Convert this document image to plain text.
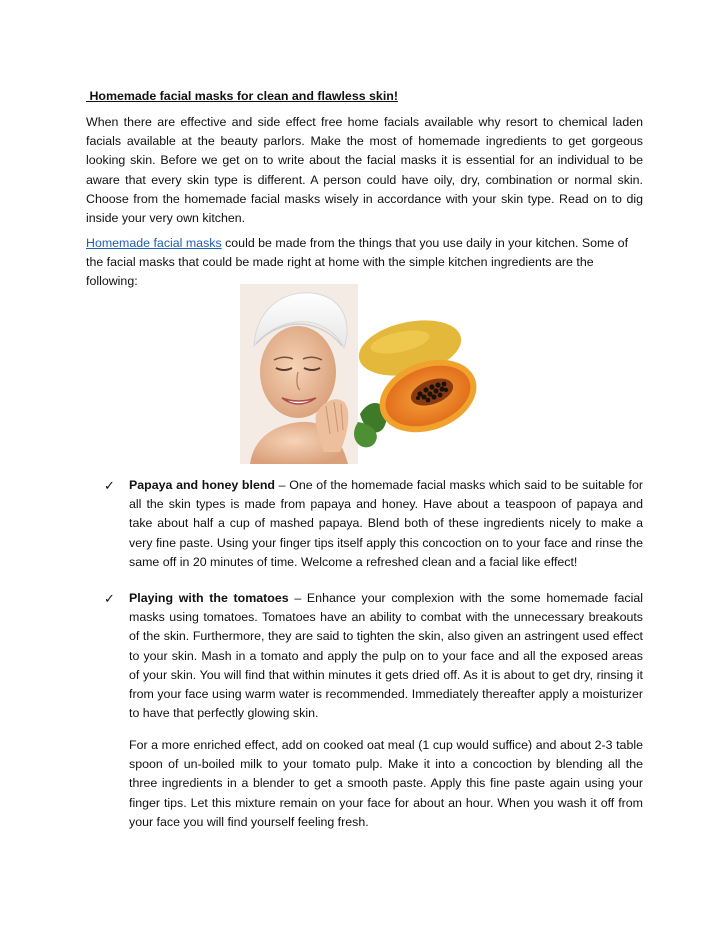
Homemade facial masks for clean and flawless skin!
When there are effective and side effect free home facials available why resort to chemical laden facials available at the beauty parlors. Make the most of homemade ingredients to get gorgeous looking skin. Before we get on to write about the facial masks it is essential for an individual to be aware that every skin type is different. A person could have oily, dry, combination or normal skin. Choose from the homemade facial masks wisely in accordance with your skin type. Read on to dig inside your very own kitchen.
Homemade facial masks could be made from the things that you use daily in your kitchen. Some of the facial masks that could be made right at home with the simple kitchen ingredients are the following:
✓ Papaya and honey blend – One of the homemade facial masks which said to be suitable for all the skin types is made from papaya and honey. Have about a teaspoon of papaya and take about half a cup of mashed papaya. Blend both of these ingredients nicely to make a very fine paste. Using your finger tips itself apply this concoction on to your face and rinse the same off in 20 minutes of time. Welcome a refreshed clean and a facial like effect!
✓ Playing with the tomatoes – Enhance your complexion with the some homemade facial masks using tomatoes. Tomatoes have an ability to combat with the unnecessary breakouts of the skin. Furthermore, they are said to tighten the skin, also given an astringent used effect to your skin. Mash in a tomato and apply the pulp on to your face and all the exposed areas of your skin. You will find that within minutes it gets dried off. As it is about to get dry, rinsing it from your face using warm water is recommended. Immediately thereafter apply a moisturizer to have that perfectly glowing skin.
For a more enriched effect, add on cooked oat meal (1 cup would suffice) and about 2-3 table spoon of un-boiled milk to your tomato pulp. Make it into a concoction by blending all the three ingredients in a blender to get a smooth paste. Apply this fine paste again using your finger tips. Let this mixture remain on your face for about an hour. When you wash it off from your face you will find yourself feeling fresh.
